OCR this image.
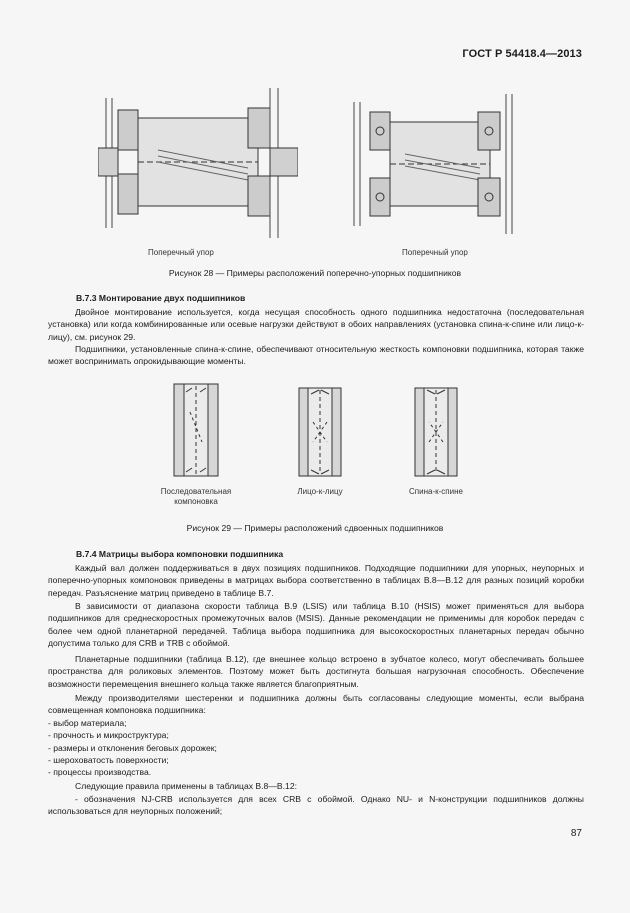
ГОСТ Р 54418.4—2013
Поперечный упор	Поперечный упор
Рисунок 28 — Примеры расположений поперечно-упорных подшипников
В.7.3 Монтирование двух подшипников

Двойное монтирование используется, когда несущая способность одного подшипника недостаточна (последовательная установка) или когда комбинированные или осевые нагрузки действуют в обоих направлениях (установка спина-к-спине или лицо-к-лицу), см. рисунок 29.

Подшипники, установленные спина-к-спине, обеспечивают относительную жесткость компоновки подшипника, которая также может воспринимать опрокидывающие моменты.

Последовательная компоновка
Лицо-к-лицу	Спина-к-спине
Рисунок 29 — Примеры расположений сдвоенных подшипников
В.7.4 Матрицы выбора компоновки подшипника

Каждый вал должен поддерживаться в двух позициях подшипников. Подходящие подшипники для упорных, неупорных и поперечно-упорных компоновок приведены в матрицах выбора соответственно в таблицах В.8—В.12 для разных позиций коробки передач. Разъяснение матриц приведено в таблице В.7.

В зависимости от диапазона скорости таблица В.9 (LSIS) или таблица В.10 (HSIS) может применяться для выбора подшипников для среднескоростных промежуточных валов (MSIS). Данные рекомендации не применимы для коробок передач с более чем одной планетарной передачей. Таблица выбора подшипника для высокоскоростных планетарных передач обычно допустима только для CRB и TRB с обоймой.

Планетарные подшипники (таблица В.12), где внешнее кольцо встроено в зубчатое колесо, могут обеспечивать большее пространства для роликовых элементов. Поэтому может быть достигнута большая нагрузочная способность. Обеспечение возможности перемещения внешнего кольца также является благоприятным.

Между производителями шестеренки и подшипника должны быть согласованы следующие моменты, если выбрана совмещенная компоновка подшипника:

- выбор материала;
- прочность и микроструктура;
- размеры и отклонения беговых дорожек;
- шероховатость поверхности;
- процессы производства.

Следующие правила применены в таблицах В.8—В.12:

- обозначения NJ-CRB используется для всех CRB с обоймой. Однако NU- и N-конструкции подшипников должны использоваться для неупорных положений;

87
